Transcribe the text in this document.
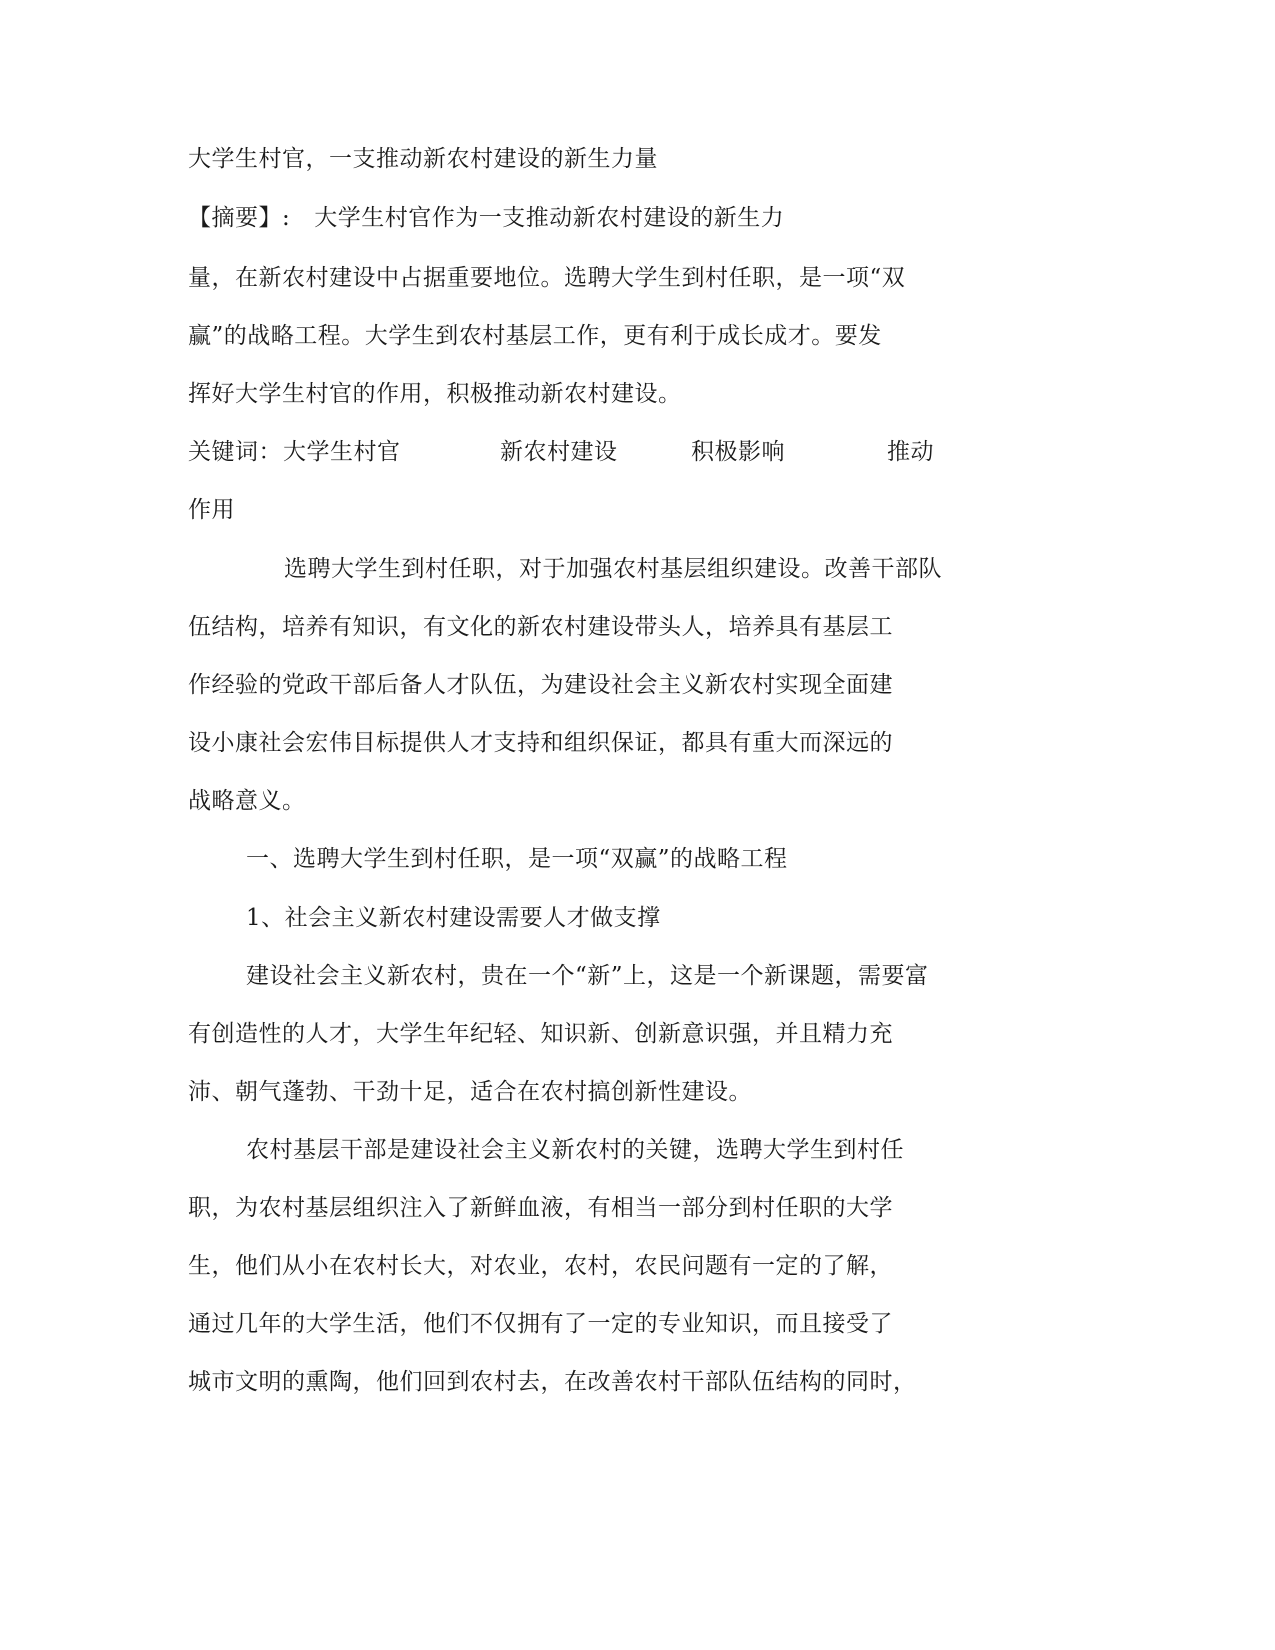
大学生村官，一支推动新农村建设的新生力量
【摘要】: 大学生村官作为一支推动新农村建设的新生力
量，在新农村建设中占据重要地位。选聘大学生到村任职，是一项“双
赢”的战略工程。大学生到农村基层工作，更有利于成长成才。要发
挥好大学生村官的作用，积极推动新农村建设。
关键词： 大学生村官	新农村建设	积极影响	推动
作用
选聘大学生到村任职，对于加强农村基层组织建设。改善干部队
伍结构，培养有知识，有文化的新农村建设带头人，培养具有基层工
作经验的党政干部后备人才队伍，为建设社会主义新农村实现全面建
设小康社会宏伟目标提供人才支持和组织保证，都具有重大而深远的
战略意义。
一、选聘大学生到村任职，是一项“双赢”的战略工程
1、社会主义新农村建设需要人才做支撑
建设社会主义新农村，贵在一个“新”上，这是一个新课题，需要富
有创造性的人才，大学生年纪轻、知识新、创新意识强，并且精力充
沛、朝气蓬勃、干劲十足，适合在农村搞创新性建设。
农村基层干部是建设社会主义新农村的关键，选聘大学生到村任
职，为农村基层组织注入了新鲜血液，有相当一部分到村任职的大学
生，他们从小在农村长大，对农业，农村，农民问题有一定的了解，
通过几年的大学生活，他们不仅拥有了一定的专业知识，而且接受了
城市文明的熏陶，他们回到农村去，在改善农村干部队伍结构的同时，
